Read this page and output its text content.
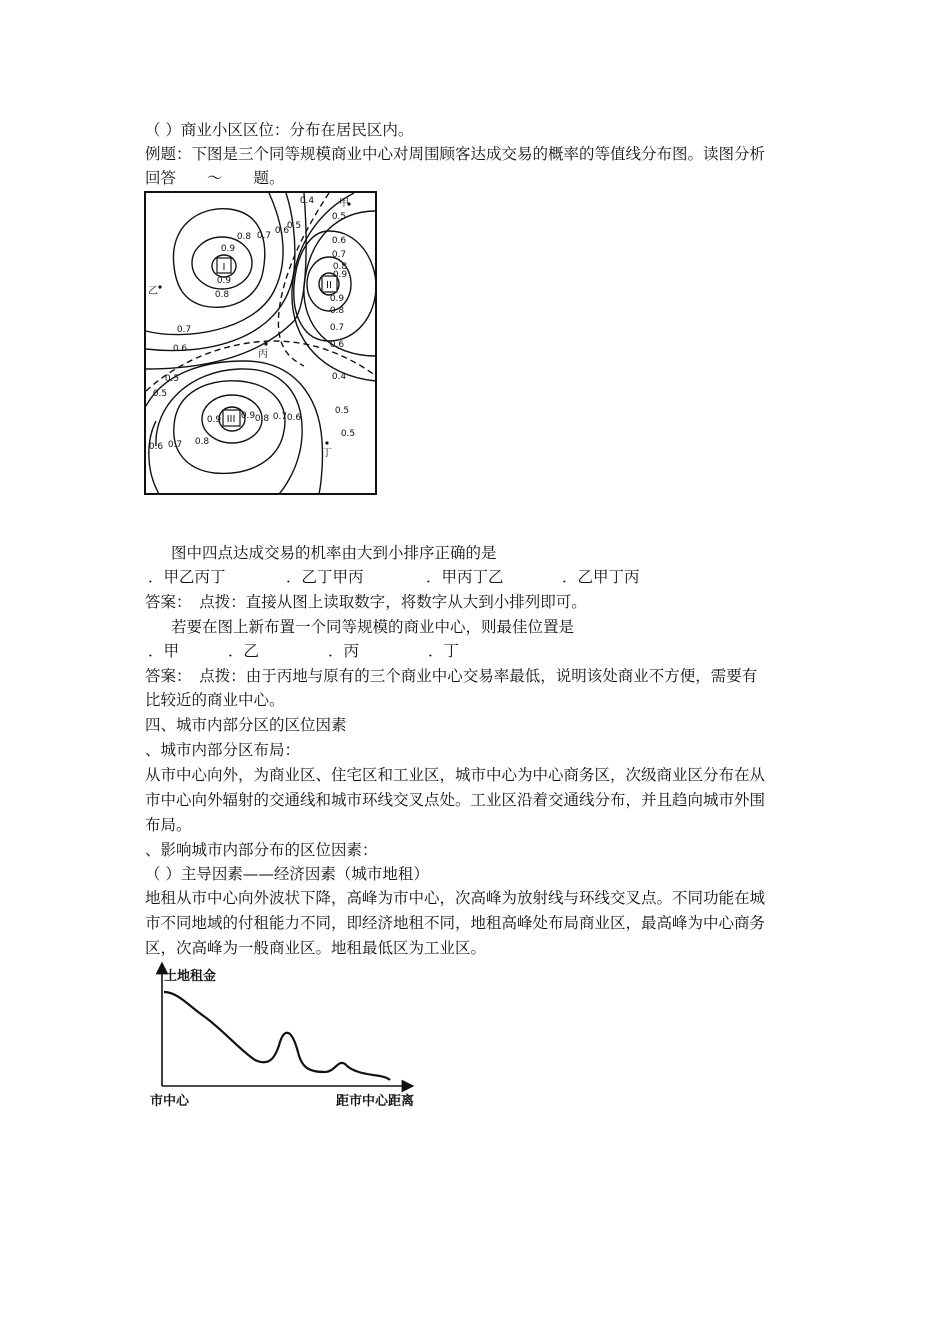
（ ）商业小区区位：分布在居民区内。
例题：下图是三个同等规模商业中心对周围顾客达成交易的概率的等值线分布图。读图分析
回答　　～　　题。
I
II
III
甲
乙
丙
丁
0.9
0.9
0.8
0.8
0.7 0.6
0.5
0.4
0.5
0.6
0.7
0.8
0.9
0.9
0.8
0.7
0.6
0.9 0.9 0.8 0.7 0.6
0.5
0.4
0.5
0.5
0.6 0.7 0.8
0.6
0.7
0.5
图中四点达成交易的机率由大到小排序正确的是
．甲乙丙丁	．乙丁甲丙	．甲丙丁乙	．乙甲丁丙
答案：　点拨：直接从图上读取数字，将数字从大到小排列即可。
若要在图上新布置一个同等规模的商业中心，则最佳位置是
．甲	．乙	．丙	．丁
答案：　点拨：由于丙地与原有的三个商业中心交易率最低，说明该处商业不方便，需要有
比较近的商业中心。
四、城市内部分区的区位因素
、城市内部分区布局：
从市中心向外，为商业区、住宅区和工业区，城市中心为中心商务区，次级商业区分布在从
市中心向外辐射的交通线和城市环线交叉点处。工业区沿着交通线分布，并且趋向城市外围
布局。
、影响城市内部分布的区位因素：
（ ）主导因素——经济因素（城市地租）
地租从市中心向外波状下降，高峰为市中心，次高峰为放射线与环线交叉点。不同功能在城
市不同地域的付租能力不同，即经济地租不同，地租高峰处布局商业区，最高峰为中心商务
区，次高峰为一般商业区。地租最低区为工业区。
土地租金
市中心	距市中心距离
